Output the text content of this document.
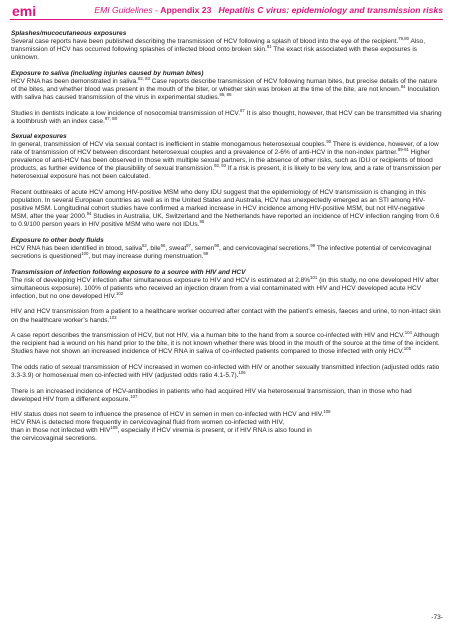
emi	EMI Guidelines - Appendix 23 Hepatitis C virus: epidemiology and transmission risks
Splashes/mucocutaneous exposures

Several case reports have been published describing the transmission of HCV following a splash of blood into the eye of the recipient.$^{79,80}$ Also, transmission of HCV has occurred following splashes of infected blood onto broken skin.$^{81}$ The exact risk associated with these exposures is unknown.

Exposure to saliva (including injuries caused by human bites)

HCV RNA has been demonstrated in saliva.$^{82, 83}$ Case reports describe transmission of HCV following human bites, but precise details of the nature of the bites, and whether blood was present in the mouth of the biter, or whether skin was broken at the time of the bite, are not known.$^{84}$ Inoculation with saliva has caused transmission of the virus in experimental studies.$^{85, 86}$

Studies in dentists indicate a low incidence of nosocomial transmission of HCV.$^{87}$ It is also thought, however, that HCV can be transmitted via sharing a toothbrush with an index case.$^{87, 88}$

Sexual exposures

In general, transmission of HCV via sexual contact is inefficient in stable monogamous heterosexual couples.$^{90}$ There is evidence, however, of a low rate of transmission of HCV between discordant heterosexual couples and a prevalence of 2-6% of anti-HCV in the non-index partner.$^{89-91}$ Higher prevalence of anti-HCV has been observed in those with multiple sexual partners, in the absence of other risks, such as IDU or recipients of blood products, as further evidence of the plausibility of sexual transmission.$^{92, 93}$ If a risk is present, it is likely to be very low, and a rate of transmission per heterosexual exposure has not been calculated.

Recent outbreaks of acute HCV among HIV-positive MSM who deny IDU suggest that the epidemiology of HCV transmission is changing in this population. In several European countries as well as in the United States and Australia, HCV has unexpectedly emerged as an STI among HIV-positive MSM. Longitudinal cohort studies have confirmed a marked increase in HCV incidence among HIV-positive MSM, but not HIV-negative MSM, after the year 2000.94 Studies in Australia, UK, Switzerland and the Netherlands have reported an incidence of HCV infection ranging from 0.6 to 0.9/100 person years in HIV positive MSM who were not IDUs.$^{95}$

Exposure to other body fluids

HCV RNA has been identified in blood, saliva$^{82}$, bile$^{96}$, sweat$^{97}$, semen$^{98}$, and cervicovaginal secretions.$^{99}$ The infective potential of cervicovaginal secretions is questioned$^{100}$, but may increase during menstruation.$^{99}$

Transmission of infection following exposure to a source with HIV and HCV

The risk of developing HCV infection after simultaneous exposure to HIV and HCV is estimated at 2.8%$^{101}$ (in this study, no one developed HIV after simultaneous exposure). 100% of patients who received an injection drawn from a vial contaminated with HIV and HCV developed acute HCV infection, but no one developed HIV.$^{102}$

HIV and HCV transmission from a patient to a healthcare worker occurred after contact with the patient’s emesis, faeces and urine, to non-intact skin on the healthcare worker’s hands.$^{103}$

A case report describes the transmission of HCV, but not HIV, via a human bite to the hand from a source co-infected with HIV and HCV.$^{104}$ Although the recipient had a wound on his hand prior to the bite, it is not known whether there was blood in the mouth of the source at the time of the incident. Studies have not shown an increased incidence of HCV RNA in saliva of co-infected patients compared to those infected with only HCV.$^{105}$

The odds ratio of sexual transmission of HCV increased in women co-infected with HIV or another sexually transmitted infection (adjusted odds ratio 3.3-3.9) or homosexual men co-infected with HIV (adjusted odds ratio 4.1-5.7).$^{106}$

There is an increased incidence of HCV-antibodies in patients who had acquired HIV via heterosexual transmission, than in those who had developed HIV from a different exposure.$^{107}$

HIV status does not seem to influence the presence of HCV in semen in men co-infected with HCV and HIV.$^{108}$
HCV RNA is detected more frequently in cervicovaginal fluid from women co-infected with HIV,
than in those not infected with HIV$^{109}$, especially if HCV viremia is present, or if HIV RNA is also found in
the cervicovaginal secretions.
-73-
